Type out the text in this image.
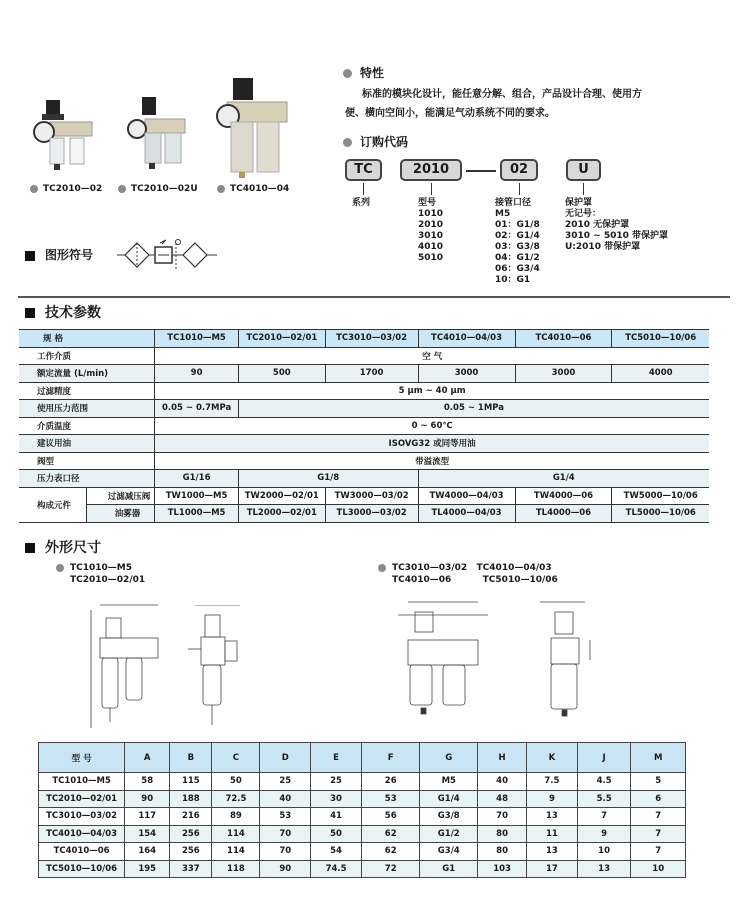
TC2010—02	TC2010—02U	TC4010—04
特性
标准的模块化设计，能任意分解、组合，产品设计合理、使用方
便、横向空间小，能满足气动系统不同的要求。
订购代码
TC	2010	02	U
系列	型号
1010
2010
3010
4010
5010
接管口径
M5
01：G1/8
02：G1/4
03：G3/8
04：G1/2
06：G3/4
10：G1
保护罩
无记号：
2010 无保护罩
3010 ~ 5010 带保护罩
U:2010 带保护罩
图形符号
技术参数
规 格		TC1010—M5	TC2010—02/01	TC3010—03/02	TC4010—04/03	TC4010—06	TC5010—10/06
工作介质		空 气					
额定流量 (L/min)		90	500	1700	3000	3000	4000
过滤精度		5 μm ~ 40 μm					
使用压力范围		0.05 ~ 0.7MPa	0.05 ~ 1MPa				
介质温度		0 ~ 60℃					
建议用油		ISOVG32 或同等用油					
阀型		带溢流型					
压力表口径		G1/16	G1/8		G1/4		
构成元件	过滤减压阀	TW1000—M5	TW2000—02/01	TW3000—03/02	TW4000—04/03	TW4000—06	TW5000—10/06
	油雾器	TL1000—M5	TL2000—02/01	TL3000—03/02	TL4000—04/03	TL4000—06	TL5000—10/06
外形尺寸
TC1010—M5
TC2010—02/01
TC3010—03/02 TC4010—04/03
TC4010—06	TC5010—10/06
型 号	A	B	C	D	E	F	G	H	K	J	M
TC1010—M5	58	115	50	25	25	26	M5	40	7.5	4.5	5
TC2010—02/01	90	188	72.5	40	30	53	G1/4	48	9	5.5	6
TC3010—03/02	117	216	89	53	41	56	G3/8	70	13	7	7
TC4010—04/03	154	256	114	70	50	62	G1/2	80	11	9	7
TC4010—06	164	256	114	70	54	62	G3/4	80	13	10	7
TC5010—10/06	195	337	118	90	74.5	72	G1	103	17	13	10
